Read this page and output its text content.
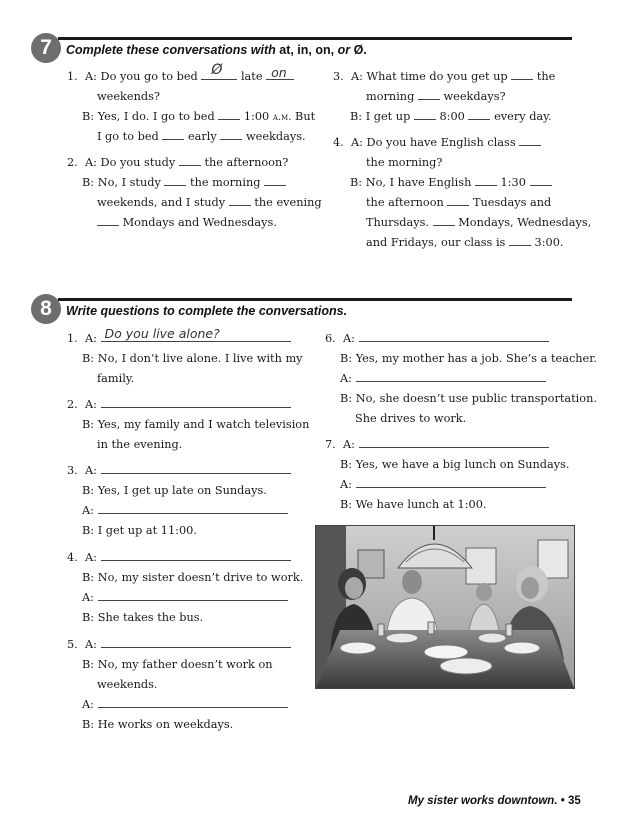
7	Complete these conversations with at, in, on, or Ø.
1. A: Do you go to bed Ø late on
weekends?
B: Yes, I do. I go to bed	1:00 a.m. But
I go to bed	early	weekdays.
2. A: Do you study	the afternoon?
B: No, I study	the morning
weekends, and I study	the evening
Mondays and Wednesdays.
3. A: What time do you get up	the
morning	weekdays?
B: I get up	8:00	every day.
4. A: Do you have English class
the morning?
B: No, I have English	1:30
the afternoon	Tuesdays and
Thursdays.	Mondays, Wednesdays,
and Fridays, our class is	3:00.
8	Write questions to complete the conversations.
1. A: Do you live alone?
B: No, I don’t live alone. I live with my
family.
2. A:
B: Yes, my family and I watch television
in the evening.
3. A:
B: Yes, I get up late on Sundays.
A:
B: I get up at 11:00.
4. A:
B: No, my sister doesn’t drive to work.
A:
B: She takes the bus.
5. A:
B: No, my father doesn’t work on
weekends.
A:
B: He works on weekdays.
6. A:
B: Yes, my mother has a job. She’s a teacher.
A:
B: No, she doesn’t use public transportation.
She drives to work.
7. A:
B: Yes, we have a big lunch on Sundays.
A:
B: We have lunch at 1:00.
My sister works downtown. • 35
